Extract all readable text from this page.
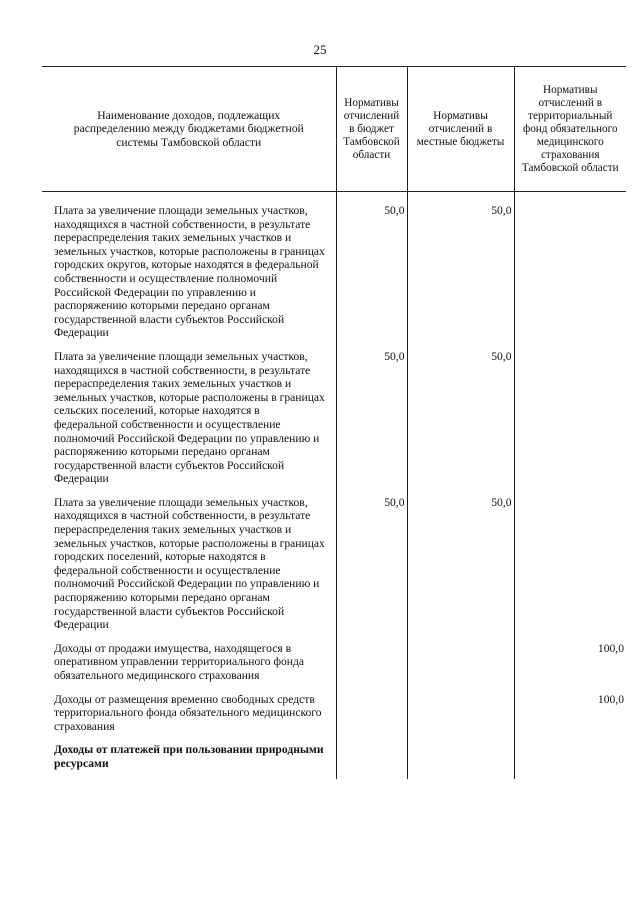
25
Наименование доходов, подлежащих распределению между бюджетами бюджетной системы Тамбовской области	Нормативы отчислений в бюджет Тамбовской области	Нормативы отчислений в местные бюджеты	Нормативы отчислений в территориальный фонд обязательного медицинского страхования Тамбовской области
Плата за увеличение площади земельных участков, находящихся в частной собственности, в результате перераспределения таких земельных участков и земельных участков, которые расположены в границах городских округов, которые находятся в федеральной собственности и осуществление полномочий Российской Федерации по управлению и распоряжению которыми передано органам государственной власти субъектов Российской Федерации	50,0	50,0	
Плата за увеличение площади земельных участков, находящихся в частной собственности, в результате перераспределения таких земельных участков и земельных участков, которые расположены в границах сельских поселений, которые находятся в федеральной собственности и осуществление полномочий Российской Федерации по управлению и распоряжению которыми передано органам государственной власти субъектов Российской Федерации	50,0	50,0	
Плата за увеличение площади земельных участков, находящихся в частной собственности, в результате перераспределения таких земельных участков и земельных участков, которые расположены в границах городских поселений, которые находятся в федеральной собственности и осуществление полномочий Российской Федерации по управлению и распоряжению которыми передано органам государственной власти субъектов Российской Федерации	50,0	50,0	
Доходы от продажи имущества, находящегося в оперативном управлении территориального фонда обязательного медицинского страхования			100,0
Доходы от размещения временно свободных средств территориального фонда обязательного медицинского страхования			100,0
Доходы от платежей при пользовании природными ресурсами			
